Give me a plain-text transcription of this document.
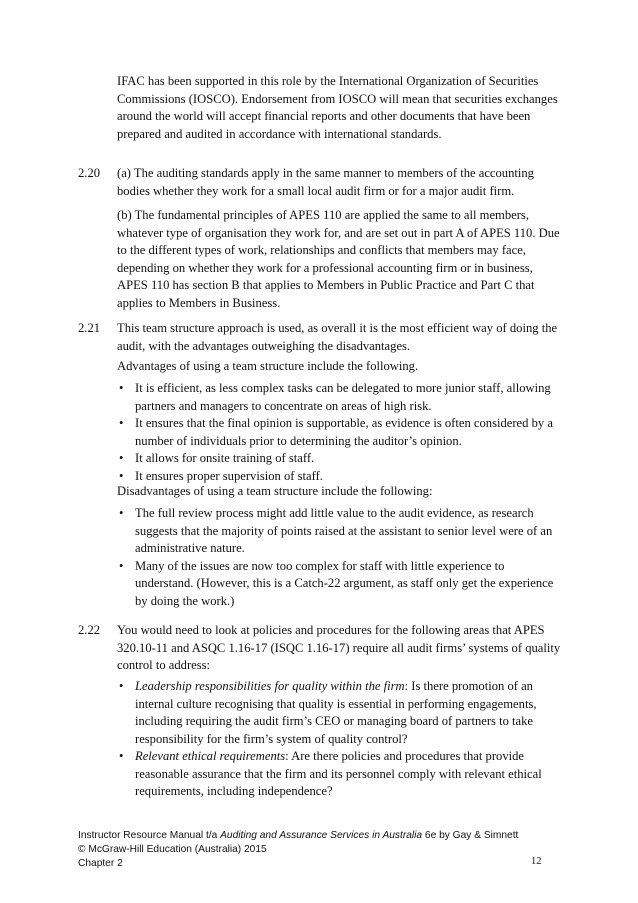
IFAC has been supported in this role by the International Organization of Securities Commissions (IOSCO). Endorsement from IOSCO will mean that securities exchanges around the world will accept financial reports and other documents that have been prepared and audited in accordance with international standards.

2.20 (a) The auditing standards apply in the same manner to members of the accounting bodies whether they work for a small local audit firm or for a major audit firm.

(b) The fundamental principles of APES 110 are applied the same to all members, whatever type of organisation they work for, and are set out in part A of APES 110. Due to the different types of work, relationships and conflicts that members may face, depending on whether they work for a professional accounting firm or in business, APES 110 has section B that applies to Members in Public Practice and Part C that applies to Members in Business.

2.21 This team structure approach is used, as overall it is the most efficient way of doing the audit, with the advantages outweighing the disadvantages.

Advantages of using a team structure include the following.

• It is efficient, as less complex tasks can be delegated to more junior staff, allowing partners and managers to concentrate on areas of high risk.
• It ensures that the final opinion is supportable, as evidence is often considered by a number of individuals prior to determining the auditor’s opinion.
• It allows for onsite training of staff.
• It ensures proper supervision of staff.

Disadvantages of using a team structure include the following:

• The full review process might add little value to the audit evidence, as research suggests that the majority of points raised at the assistant to senior level were of an administrative nature.
• Many of the issues are now too complex for staff with little experience to understand. (However, this is a Catch-22 argument, as staff only get the experience by doing the work.)
2.22 You would need to look at policies and procedures for the following areas that APES 320.10-11 and ASQC 1.16-17 (ISQC 1.16-17) require all audit firms’ systems of quality control to address:

• Leadership responsibilities for quality within the firm: Is there promotion of an internal culture recognising that quality is essential in performing engagements, including requiring the audit firm’s CEO or managing board of partners to take responsibility for the firm’s system of quality control?
• Relevant ethical requirements: Are there policies and procedures that provide reasonable assurance that the firm and its personnel comply with relevant ethical requirements, including independence?
Instructor Resource Manual t/a Auditing and Assurance Services in Australia 6e by Gay & Simnett
© McGraw-Hill Education (Australia) 2015
Chapter 2	12
